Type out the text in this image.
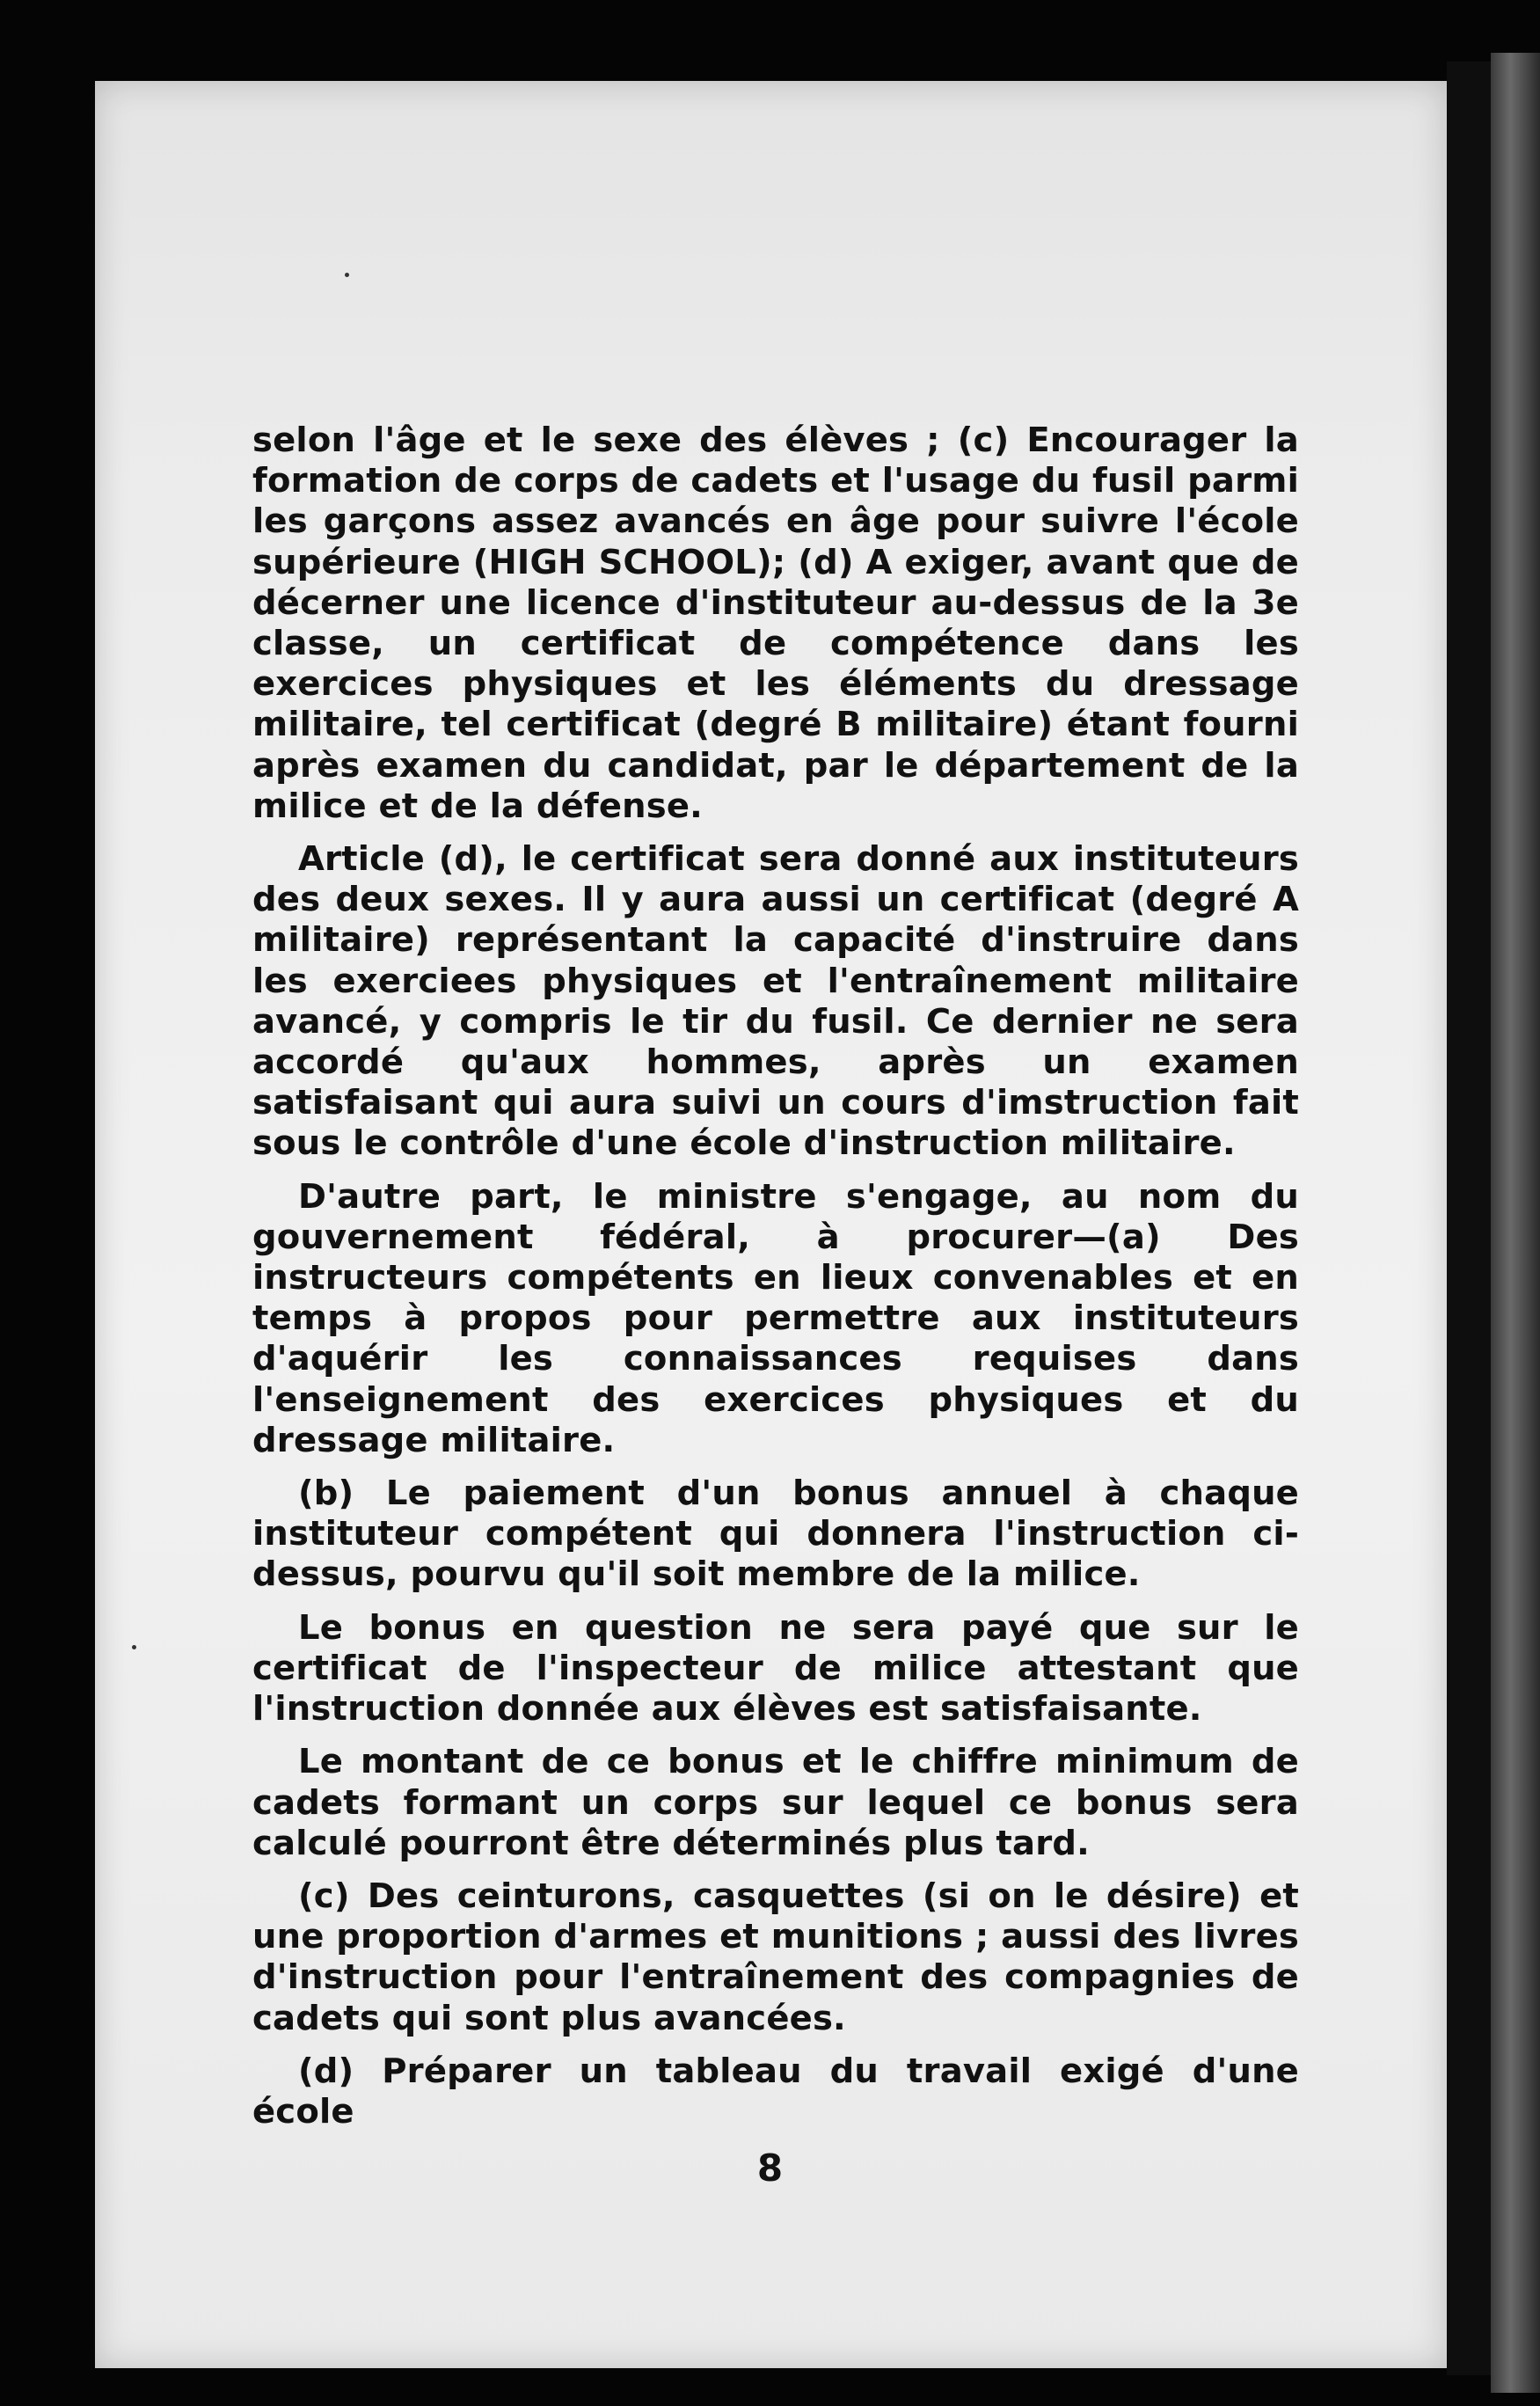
selon l'âge et le sexe des élèves ; (c) Encourager la formation de corps de cadets et l'usage du fusil parmi les garçons assez avancés en âge pour suivre l'école supérieure (HIGH SCHOOL); (d) A exiger, avant que de décerner une licence d'instituteur au-dessus de la 3e classe, un certificat de compétence dans les exercices physiques et les éléments du dressage militaire, tel certificat (degré B militaire) étant fourni après examen du candidat, par le département de la milice et de la défense.

Article (d), le certificat sera donné aux instituteurs des deux sexes. Il y aura aussi un certificat (degré A militaire) représentant la capacité d'instruire dans les exerciees physiques et l'entraînement militaire avancé, y compris le tir du fusil. Ce dernier ne sera accordé qu'aux hommes, après un examen satisfaisant qui aura suivi un cours d'imstruction fait sous le contrôle d'une école d'instruction militaire.

D'autre part, le ministre s'engage, au nom du gouvernement fédéral, à procurer—(a) Des instructeurs compétents en lieux convenables et en temps à propos pour permettre aux instituteurs d'aquérir les connaissances requises dans l'enseignement des exercices physiques et du dressage militaire.

(b) Le paiement d'un bonus annuel à chaque instituteur compétent qui donnera l'instruction ci-dessus, pourvu qu'il soit membre de la milice.

Le bonus en question ne sera payé que sur le certificat de l'inspecteur de milice attestant que l'instruction donnée aux élèves est satisfaisante.

Le montant de ce bonus et le chiffre minimum de cadets formant un corps sur lequel ce bonus sera calculé pourront être déterminés plus tard.

(c) Des ceinturons, casquettes (si on le désire) et une proportion d'armes et munitions ; aussi des livres d'instruction pour l'entraînement des compagnies de cadets qui sont plus avancées.

(d) Préparer un tableau du travail exigé d'une école

8
